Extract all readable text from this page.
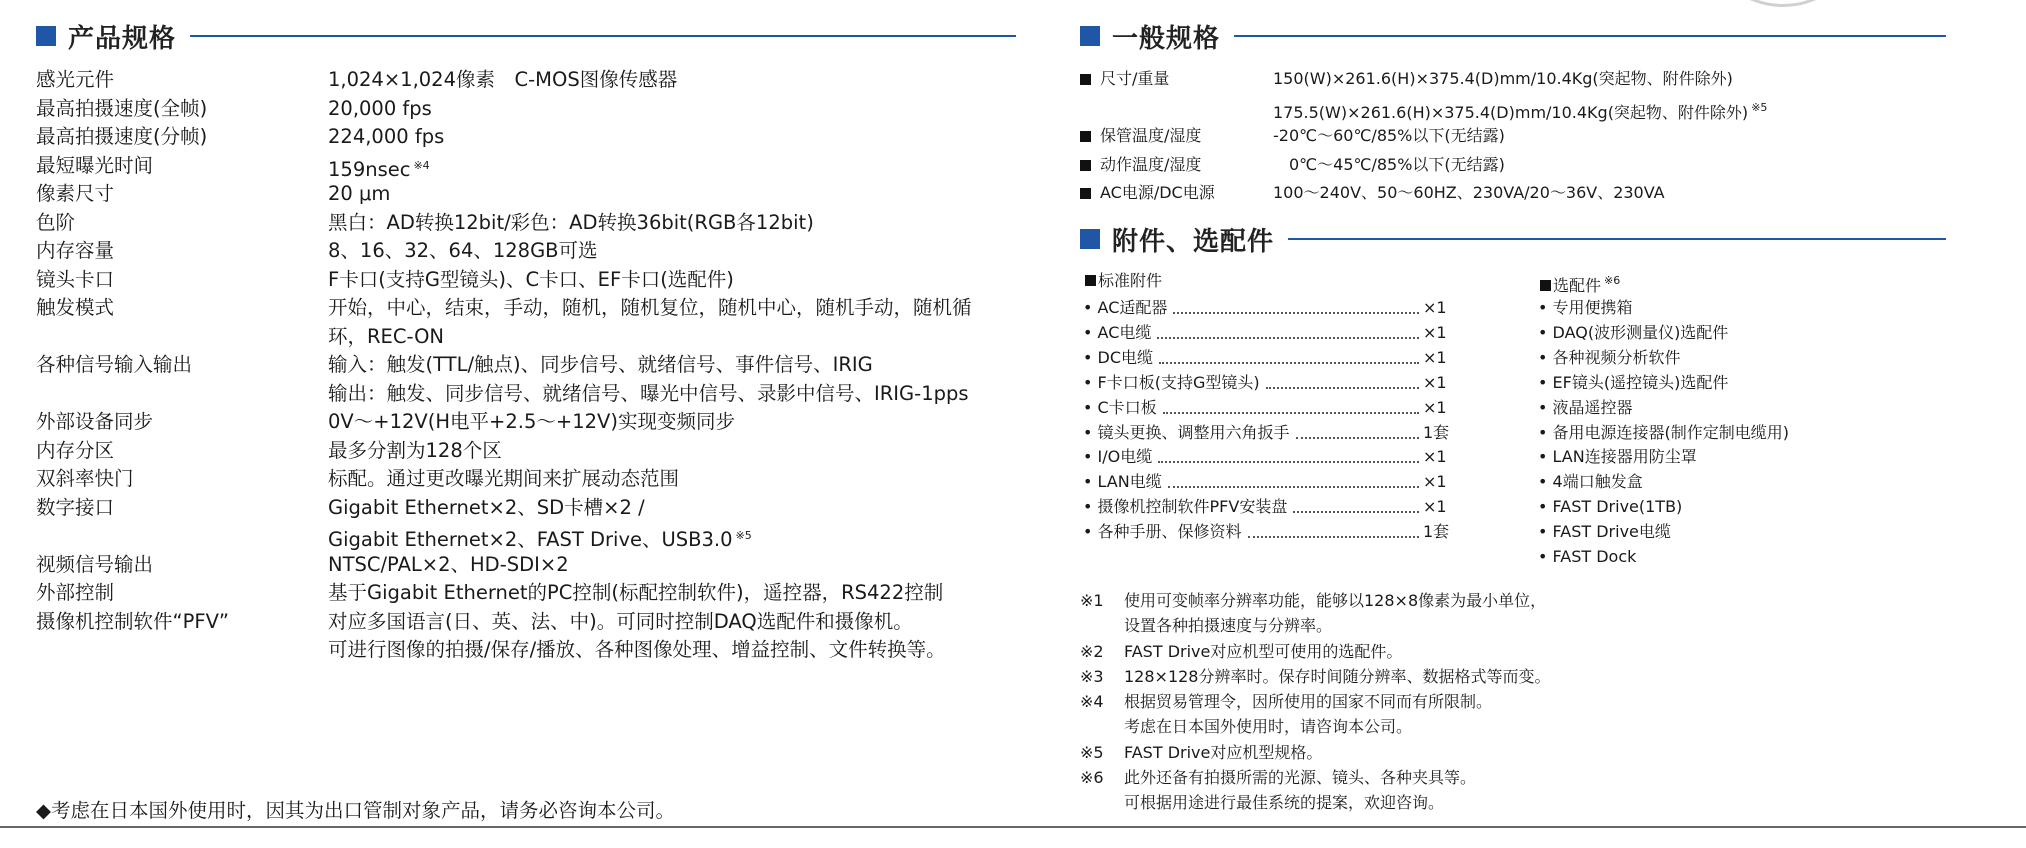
产品规格
感光元件	1,024×1,024像素　C-MOS图像传感器
最高拍摄速度(全帧)	20,000 fps
最高拍摄速度(分帧)	224,000 fps
最短曝光时间	159nsec $^{※4}$
像素尺寸	20 μm
色阶	黑白：AD转换12bit/彩色：AD转换36bit(RGB各12bit)
内存容量	8、16、32、64、128GB可选
镜头卡口	F卡口(支持G型镜头)、C卡口、EF卡口(选配件)
触发模式	开始，中心，结束，手动，随机，随机复位，随机中心，随机手动，随机循
环，REC-ON
各种信号输入输出	输入：触发(TTL/触点)、同步信号、就绪信号、事件信号、IRIG
输出：触发、同步信号、就绪信号、曝光中信号、录影中信号、IRIG-1pps
外部设备同步	0V～+12V(H电平+2.5～+12V)实现变频同步
内存分区	最多分割为128个区
双斜率快门	标配。通过更改曝光期间来扩展动态范围
数字接口	Gigabit Ethernet×2、SD卡槽×2 /
Gigabit Ethernet×2、FAST Drive、USB3.0 $^{※5}$
视频信号输出	NTSC/PAL×2、HD-SDI×2
外部控制	基于Gigabit Ethernet的PC控制(标配控制软件)，遥控器，RS422控制
摄像机控制软件“PFV”	对应多国语言(日、英、法、中)。可同时控制DAQ选配件和摄像机。
可进行图像的拍摄/保存/播放、各种图像处理、增益控制、文件转换等。
一般规格
尺寸/重量	150(W)×261.6(H)×375.4(D)mm/10.4Kg(突起物、附件除外)
175.5(W)×261.6(H)×375.4(D)mm/10.4Kg(突起物、附件除外) $^{※5}$
保管温度/湿度	-20℃～60℃/85%以下(无结露)
动作温度/湿度	　0℃～45℃/85%以下(无结露)
AC电源/DC电源	100～240V、50～60HZ、230VA/20～36V、230VA
附件、选配件
标准附件
• AC适配器	×1
• AC电缆	×1
• DC电缆	×1
• F卡口板(支持G型镜头)	×1
• C卡口板	×1
• 镜头更换、调整用六角扳手	1套
• I/O电缆	×1
• LAN电缆	×1
• 摄像机控制软件PFV安装盘	×1
• 各种手册、保修资料	1套
选配件 $^{※6}$
• 专用便携箱
• DAQ(波形测量仪)选配件
• 各种视频分析软件
• EF镜头(遥控镜头)选配件
• 液晶遥控器
• 备用电源连接器(制作定制电缆用)
• LAN连接器用防尘罩
• 4端口触发盒
• FAST Drive(1TB)
• FAST Drive电缆
• FAST Dock
※1 使用可变帧率分辨率功能，能够以128×8像素为最小单位，
设置各种拍摄速度与分辨率。
※2 FAST Drive对应机型可使用的选配件。
※3 128×128分辨率时。保存时间随分辨率、数据格式等而变。
※4 根据贸易管理令，因所使用的国家不同而有所限制。
考虑在日本国外使用时，请咨询本公司。
※5 FAST Drive对应机型规格。
※6 此外还备有拍摄所需的光源、镜头、各种夹具等。
可根据用途进行最佳系统的提案，欢迎咨询。
◆考虑在日本国外使用时，因其为出口管制对象产品，请务必咨询本公司。
